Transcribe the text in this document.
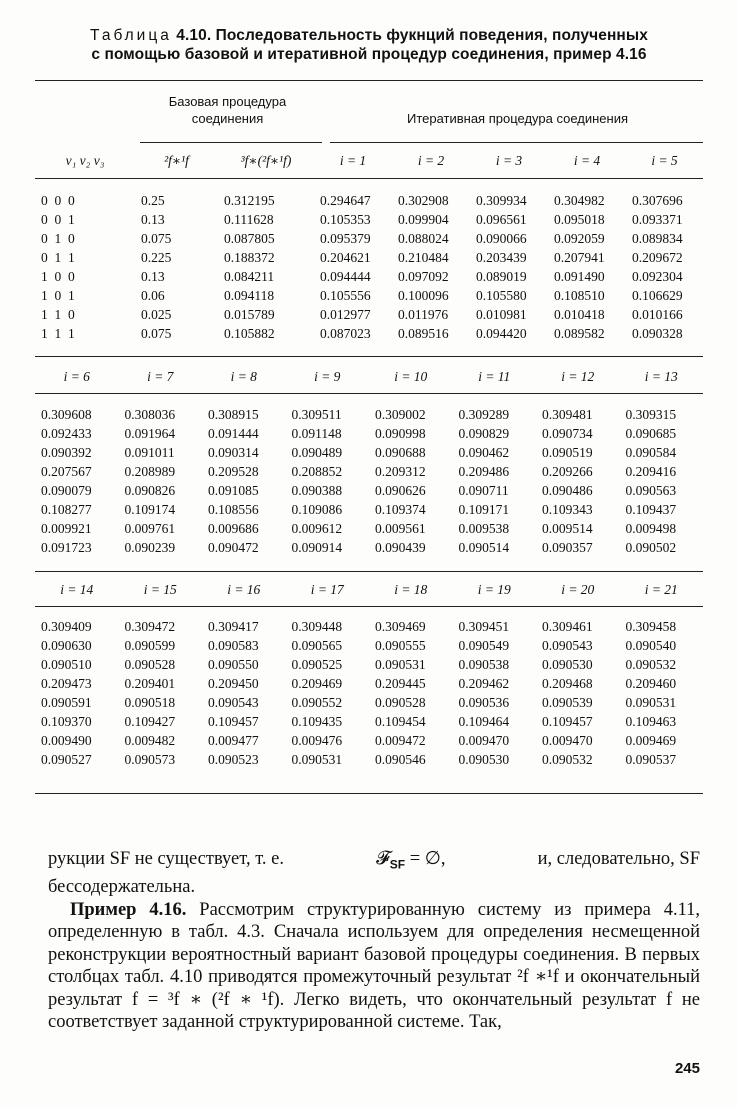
Таблица 4.10. Последовательность фукнций поведения, полученных
с помощью базовой и итеративной процедур соединения, пример 4.16
Базовая процедура
соединения	Итеративная процедура соединения
v₁ v₂ v₃	²f∗¹f	³f∗(²f∗¹f)	i = 1	i = 2	i = 3	i = 4	i = 5
0  0  0	0.25	0.312195	0.294647	0.302908	0.309934	0.304982	0.307696
0  0  1	0.13	0.111628	0.105353	0.099904	0.096561	0.095018	0.093371
0  1  0	0.075	0.087805	0.095379	0.088024	0.090066	0.092059	0.089834
0  1  1	0.225	0.188372	0.204621	0.210484	0.203439	0.207941	0.209672
1  0  0	0.13	0.084211	0.094444	0.097092	0.089019	0.091490	0.092304
1  0  1	0.06	0.094118	0.105556	0.100096	0.105580	0.108510	0.106629
1  1  0	0.025	0.015789	0.012977	0.011976	0.010981	0.010418	0.010166
1  1  1	0.075	0.105882	0.087023	0.089516	0.094420	0.089582	0.090328
i = 6	i = 7	i = 8	i = 9	i = 10	i = 11	i = 12	i = 13
0.309608	0.308036	0.308915	0.309511	0.309002	0.309289	0.309481	0.309315
0.092433	0.091964	0.091444	0.091148	0.090998	0.090829	0.090734	0.090685
0.090392	0.091011	0.090314	0.090489	0.090688	0.090462	0.090519	0.090584
0.207567	0.208989	0.209528	0.208852	0.209312	0.209486	0.209266	0.209416
0.090079	0.090826	0.091085	0.090388	0.090626	0.090711	0.090486	0.090563
0.108277	0.109174	0.108556	0.109086	0.109374	0.109171	0.109343	0.109437
0.009921	0.009761	0.009686	0.009612	0.009561	0.009538	0.009514	0.009498
0.091723	0.090239	0.090472	0.090914	0.090439	0.090514	0.090357	0.090502
i = 14	i = 15	i = 16	i = 17	i = 18	i = 19	i = 20	i = 21
0.309409	0.309472	0.309417	0.309448	0.309469	0.309451	0.309461	0.309458
0.090630	0.090599	0.090583	0.090565	0.090555	0.090549	0.090543	0.090540
0.090510	0.090528	0.090550	0.090525	0.090531	0.090538	0.090530	0.090532
0.209473	0.209401	0.209450	0.209469	0.209445	0.209462	0.209468	0.209460
0.090591	0.090518	0.090543	0.090552	0.090528	0.090536	0.090539	0.090531
0.109370	0.109427	0.109457	0.109435	0.109454	0.109464	0.109457	0.109463
0.009490	0.009482	0.009477	0.009476	0.009472	0.009470	0.009470	0.009469
0.090527	0.090573	0.090523	0.090531	0.090546	0.090530	0.090532	0.090537
рукции SF не существует, т. е.	𝓕$_{SF}$ = ∅,	и, следовательно, SF

бессодержательна.

Пример 4.16. Рассмотрим структурированную систему из примера 4.11, определенную в табл. 4.3. Сначала используем для определения несмещенной реконструкции вероятностный вариант базовой процедуры соединения. В первых столбцах табл. 4.10 приводятся промежуточный результат ²f ∗¹f и окончательный результат f = ³f ∗ (²f ∗ ¹f). Легко видеть, что окончательный результат f не соответствует заданной структурированной системе. Так,

245
